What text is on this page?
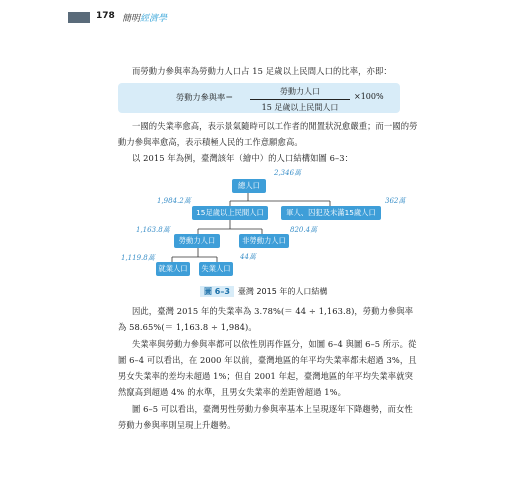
178 簡明經濟學
而勞動力參與率為勞動力人口占 15 足歲以上民間人口的比率，亦即：
勞動力參與率＝
勞動力人口
15 足歲以上民間人口
×100%
一國的失業率愈高，表示景氣隨時可以工作者的閒置狀況愈嚴重；而一國的勞動力參與率愈高，表示積極人民的工作意願愈高。
以 2015 年為例，臺灣該年（繪中）的人口結構如圖 6–3：
總人口
15足歲以上民間人口	軍人、囚犯及未滿15歲人口
勞動力人口	非勞動力人口
就業人口	失業人口
2,346萬
1,984.2萬	362萬
1,163.8萬	820.4萬
1,119.8萬	44萬
圖 6–3 臺灣 2015 年的人口結構
因此，臺灣 2015 年的失業率為 3.78%(＝ 44 ÷ 1,163.8)，勞動力參與率為 58.65%(＝ 1,163.8 ÷ 1,984)。
失業率與勞動力參與率都可以依性別再作區分，如圖 6–4 與圖 6–5 所示。從圖 6–4 可以看出，在 2000 年以前，臺灣地區的年平均失業率都未超過 3%，且男女失業率的差均未超過 1%；但自 2001 年起，臺灣地區的年平均失業率就突然竄高到超過 4% 的水準，且男女失業率的差距曾超過 1%。
圖 6–5 可以看出，臺灣男性勞動力參與率基本上呈現逐年下降趨勢，而女性勞動力參與率則呈現上升趨勢。
